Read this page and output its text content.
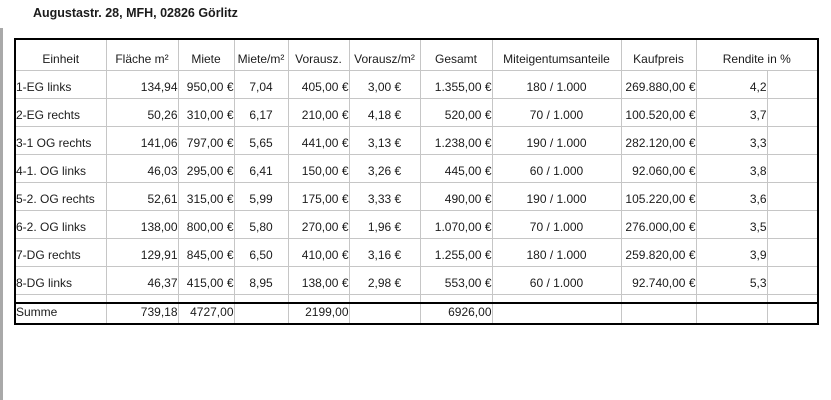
Augustastr. 28, MFH, 02826 Görlitz
Einheit	Fläche m²	Miete	Miete/m²	Vorausz.	Vorausz/m²	Gesamt	Miteigentumsanteile	Kaufpreis	Rendite in %	
1-EG links	134,94	950,00 €	7,04	405,00 €	3,00 €	1.355,00 €	180 / 1.000	269.880,00 €	4,2	
2-EG rechts	50,26	310,00 €	6,17	210,00 €	4,18 €	520,00 €	70 / 1.000	100.520,00 €	3,7	
3-1 OG rechts	141,06	797,00 €	5,65	441,00 €	3,13 €	1.238,00 €	190 / 1.000	282.120,00 €	3,3	
4-1. OG links	46,03	295,00 €	6,41	150,00 €	3,26 €	445,00 €	60 / 1.000	92.060,00 €	3,8	
5-2. OG rechts	52,61	315,00 €	5,99	175,00 €	3,33 €	490,00 €	190 / 1.000	105.220,00 €	3,6	
6-2. OG links	138,00	800,00 €	5,80	270,00 €	1,96 €	1.070,00 €	70 / 1.000	276.000,00 €	3,5	
7-DG rechts	129,91	845,00 €	6,50	410,00 €	3,16 €	1.255,00 €	180 / 1.000	259.820,00 €	3,9	
8-DG links	46,37	415,00 €	8,95	138,00 €	2,98 €	553,00 €	60 / 1.000	92.740,00 €	5,3	

Summe	739,18	4727,00		2199,00		6926,00				
